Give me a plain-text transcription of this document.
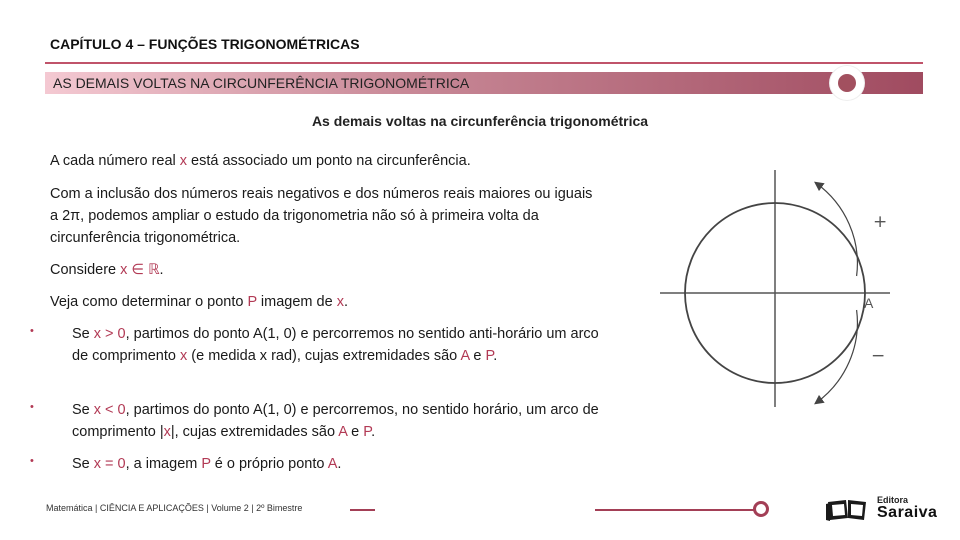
CAPÍTULO 4 – FUNÇÕES TRIGONOMÉTRICAS
AS DEMAIS VOLTAS NA CIRCUNFERÊNCIA TRIGONOMÉTRICA
As demais voltas na circunferência trigonométrica
A cada número real x está associado um ponto na circunferência.
Com a inclusão dos números reais negativos e dos números reais maiores ou iguais a 2π, podemos ampliar o estudo da trigonometria não só à primeira volta da circunferência trigonométrica.
Considere x ∈ ℝ.
Veja como determinar o ponto P imagem de x.
•	Se x > 0, partimos do ponto A(1, 0) e percorremos no sentido anti-horário um arco de comprimento x (e medida x rad), cujas extremidades são A e P.
•	Se x < 0, partimos do ponto A(1, 0) e percorremos, no sentido horário, um arco de comprimento |x|, cujas extremidades são A e P.
•	Se x = 0, a imagem P é o próprio ponto A.
+
−
A
Matemática | CIÊNCIA E APLICAÇÕES | Volume 2 | 2º Bimestre
Editora
Saraiva
